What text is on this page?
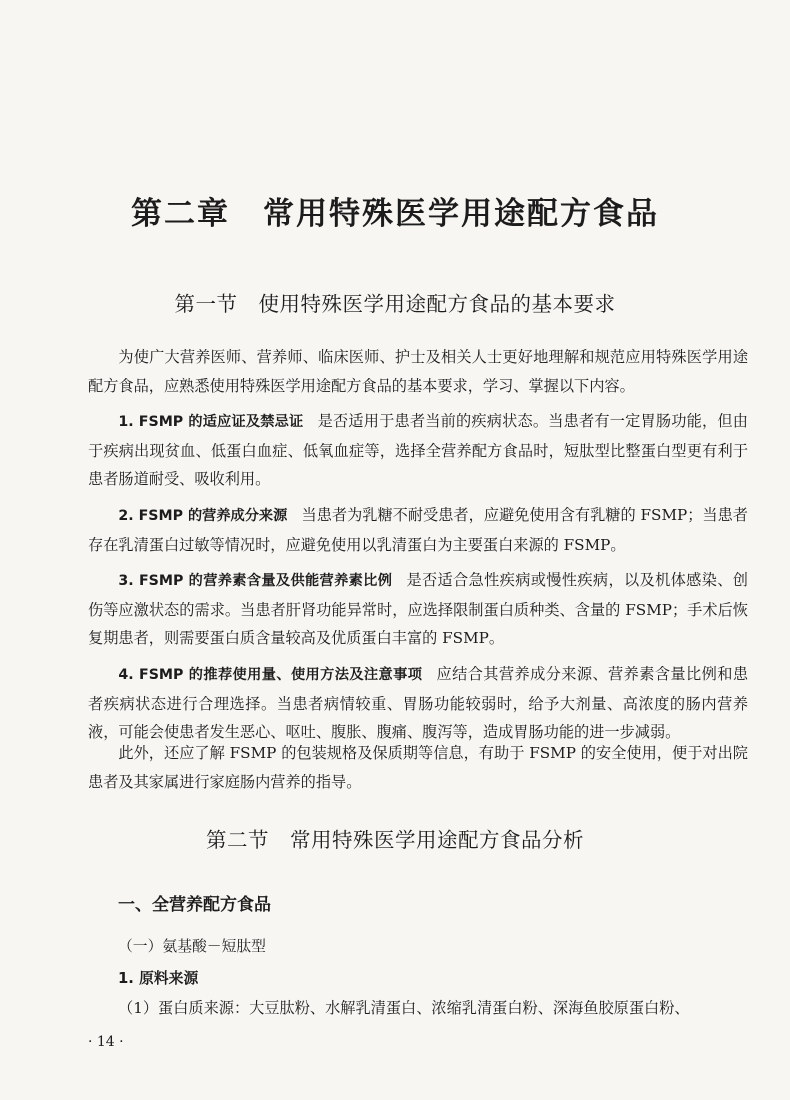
第二章　常用特殊医学用途配方食品
第一节　使用特殊医学用途配方食品的基本要求

为使广大营养医师、营养师、临床医师、护士及相关人士更好地理解和规范应用特殊医学用途配方食品，应熟悉使用特殊医学用途配方食品的基本要求，学习、掌握以下内容。

1. FSMP 的适应证及禁忌证 是否适用于患者当前的疾病状态。当患者有一定胃肠功能，但由于疾病出现贫血、低蛋白血症、低氧血症等，选择全营养配方食品时，短肽型比整蛋白型更有利于患者肠道耐受、吸收利用。

2. FSMP 的营养成分来源 当患者为乳糖不耐受患者，应避免使用含有乳糖的 FSMP；当患者存在乳清蛋白过敏等情况时，应避免使用以乳清蛋白为主要蛋白来源的 FSMP。

3. FSMP 的营养素含量及供能营养素比例 是否适合急性疾病或慢性疾病，以及机体感染、创伤等应激状态的需求。当患者肝肾功能异常时，应选择限制蛋白质种类、含量的 FSMP；手术后恢复期患者，则需要蛋白质含量较高及优质蛋白丰富的 FSMP。

4. FSMP 的推荐使用量、使用方法及注意事项 应结合其营养成分来源、营养素含量比例和患者疾病状态进行合理选择。当患者病情较重、胃肠功能较弱时，给予大剂量、高浓度的肠内营养液，可能会使患者发生恶心、呕吐、腹胀、腹痛、腹泻等，造成胃肠功能的进一步减弱。

此外，还应了解 FSMP 的包装规格及保质期等信息，有助于 FSMP 的安全使用，便于对出院患者及其家属进行家庭肠内营养的指导。

第二节　常用特殊医学用途配方食品分析
一、全营养配方食品
（一）氨基酸－短肽型
1. 原料来源
（1）蛋白质来源：大豆肽粉、水解乳清蛋白、浓缩乳清蛋白粉、深海鱼胶原蛋白粉、
· 14 ·
